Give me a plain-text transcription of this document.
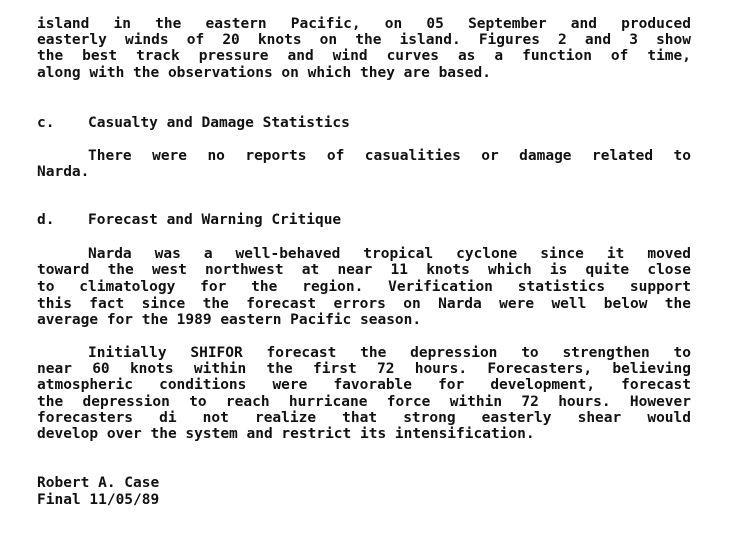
island in the eastern Pacific, on 05 September and produced
easterly winds of 20 knots on the island. Figures 2 and 3 show
the best track pressure and wind curves as a function of time,
along with the observations on which they are based.
c. Casualty and Damage Statistics
There were no reports of casualities or damage related to
Narda.
d. Forecast and Warning Critique
Narda was a well-behaved tropical cyclone since it moved
toward the west northwest at near 11 knots which is quite close
to climatology for the region. Verification statistics support
this fact since the forecast errors on Narda were well below the
average for the 1989 eastern Pacific season.
Initially SHIFOR forecast the depression to strengthen to
near 60 knots within the first 72 hours. Forecasters, believing
atmospheric conditions were favorable for development, forecast
the depression to reach hurricane force within 72 hours. However
forecasters di not realize that strong easterly shear would
develop over the system and restrict its intensification.
Robert A. Case
Final 11/05/89
